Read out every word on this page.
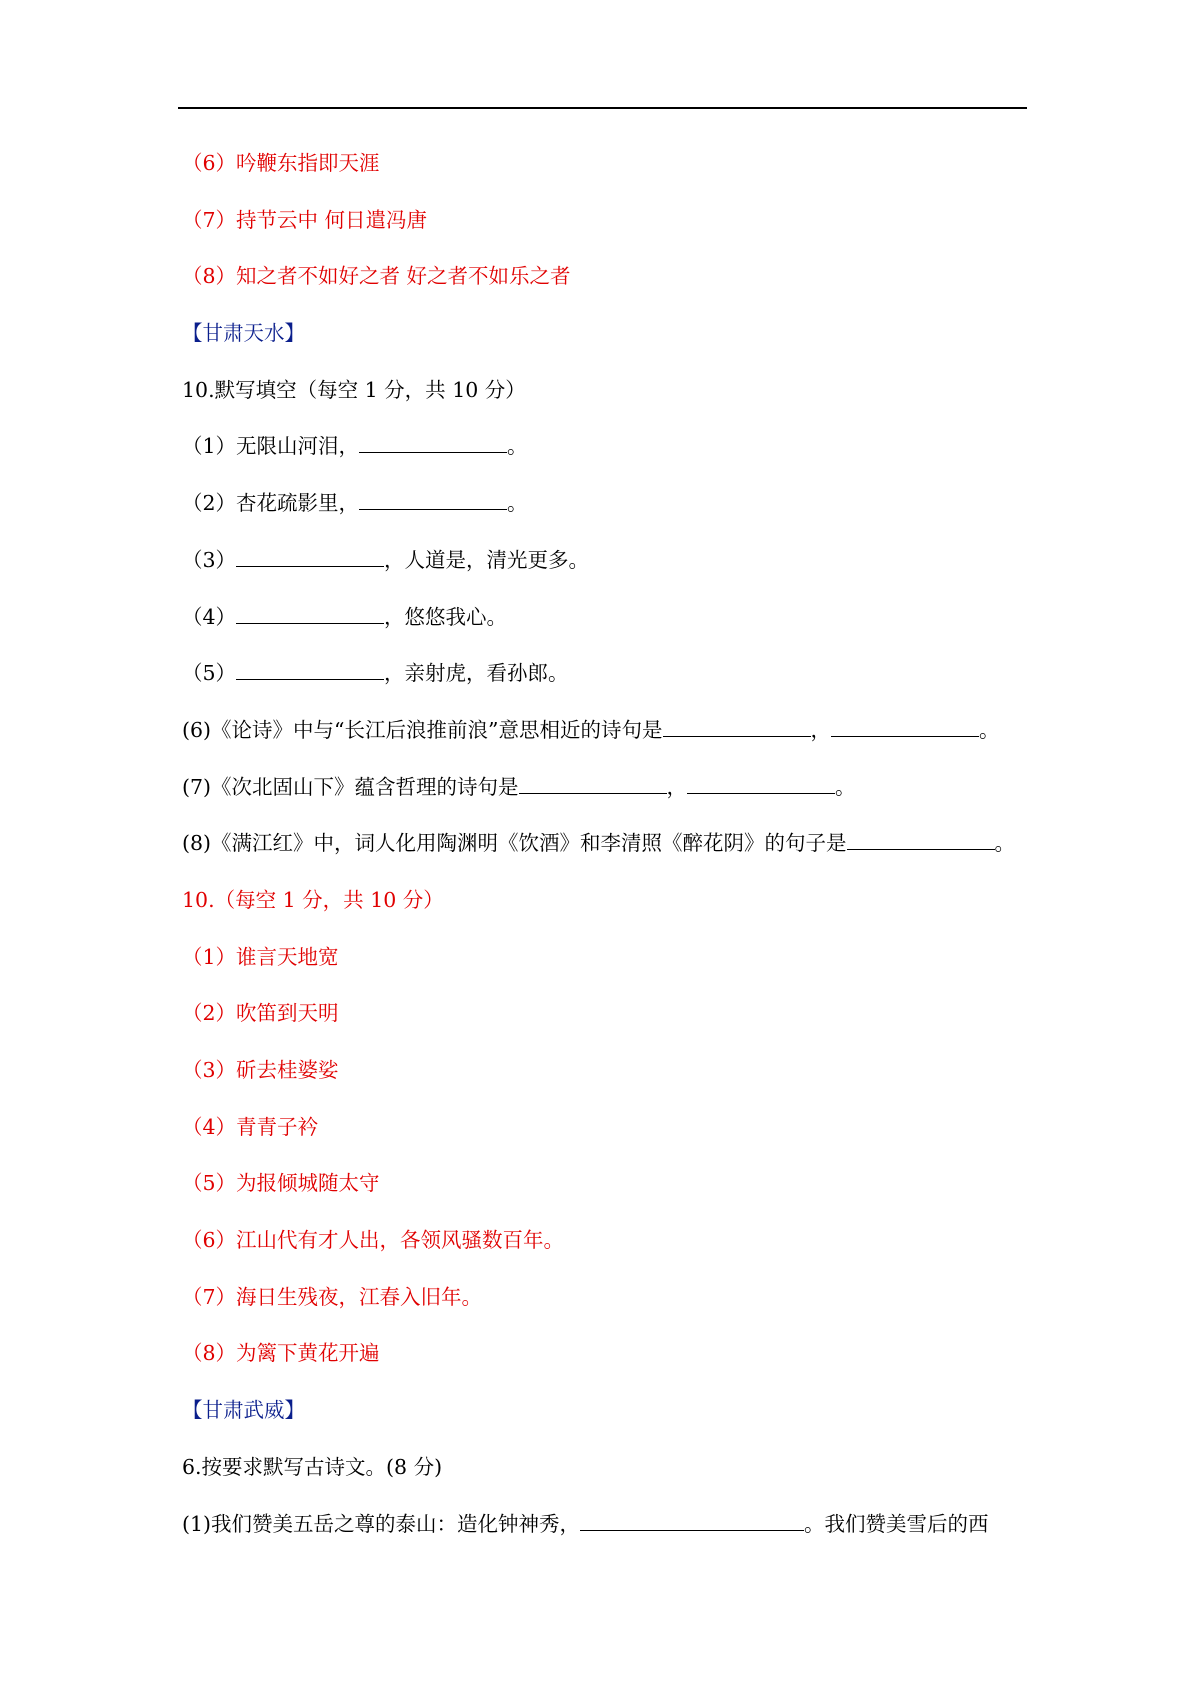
（6）吟鞭东指即天涯
（7）持节云中 何日遣冯唐
（8）知之者不如好之者 好之者不如乐之者
【甘肃天水】
10.默写填空（每空 1 分，共 10 分）
（1）无限山河泪，	。
（2）杏花疏影里，	。
（3）	，人道是，清光更多。
（4）	，悠悠我心。
（5）	，亲射虎，看孙郎。
(6)《论诗》中与“长江后浪推前浪”意思相近的诗句是	，	。
(7)《次北固山下》蕴含哲理的诗句是	，	。
(8)《满江红》中，词人化用陶渊明《饮酒》和李清照《醉花阴》的句子是	。
10.（每空 1 分，共 10 分）
（1）谁言天地宽
（2）吹笛到天明
（3）斫去桂婆娑
（4）青青子衿
（5）为报倾城随太守
（6）江山代有才人出，各领风骚数百年。
（7）海日生残夜，江春入旧年。
（8）为篱下黄花开遍
【甘肃武威】
6.按要求默写古诗文。(8 分)
(1)我们赞美五岳之尊的泰山：造化钟神秀，	。我们赞美雪后的西
